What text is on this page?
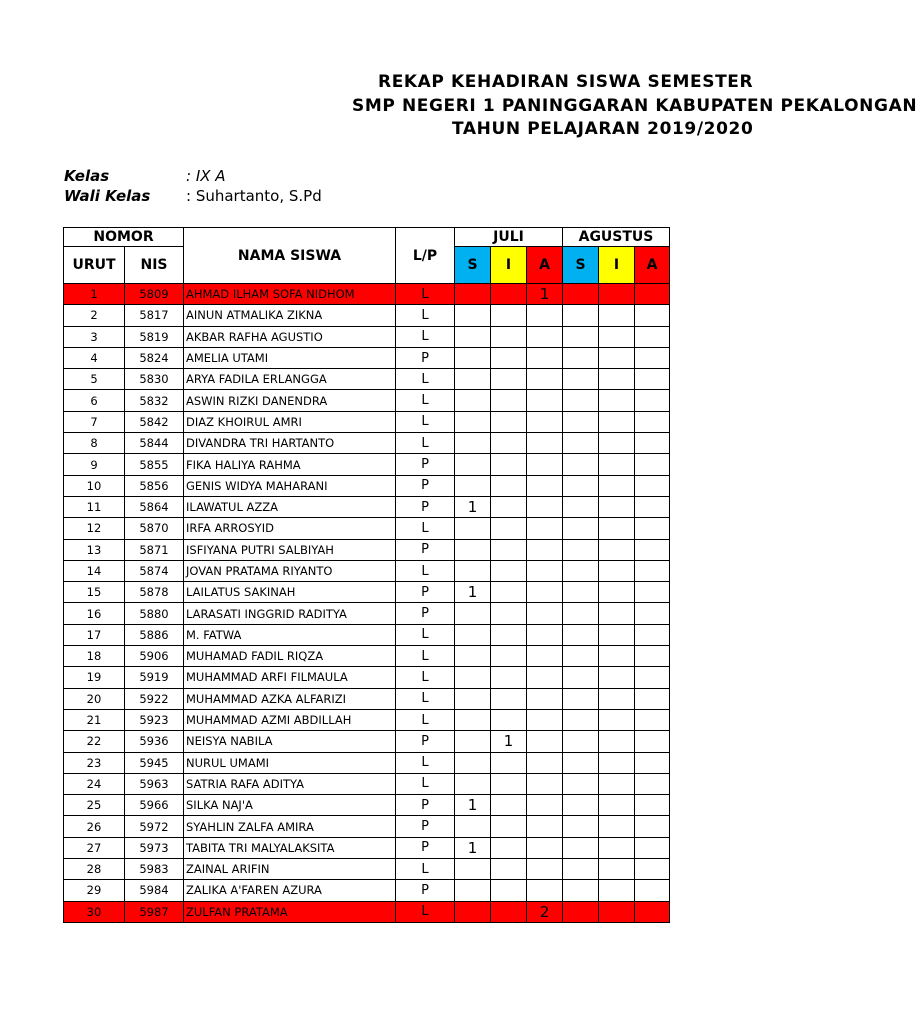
REKAP KEHADIRAN SISWA SEMESTER
SMP NEGERI 1 PANINGGARAN KABUPATEN PEKALONGAN
TAHUN PELAJARAN 2019/2020
Kelas	: IX A
Wali Kelas : Suhartanto, S.Pd
NOMOR		NAMA SISWA	L/P	JULI			AGUSTUS		
URUT	NIS			S	I	A	S	I	A
1	5809	AHMAD ILHAM SOFA NIDHOM	L			1			
2	5817	AINUN ATMALIKA ZIKNA	L						
3	5819	AKBAR RAFHA AGUSTIO	L						
4	5824	AMELIA UTAMI	P						
5	5830	ARYA FADILA ERLANGGA	L						
6	5832	ASWIN RIZKI DANENDRA	L						
7	5842	DIAZ KHOIRUL AMRI	L						
8	5844	DIVANDRA TRI HARTANTO	L						
9	5855	FIKA HALIYA RAHMA	P						
10	5856	GENIS WIDYA MAHARANI	P						
11	5864	ILAWATUL AZZA	P	1					
12	5870	IRFA ARROSYID	L						
13	5871	ISFIYANA PUTRI SALBIYAH	P						
14	5874	JOVAN PRATAMA RIYANTO	L						
15	5878	LAILATUS SAKINAH	P	1					
16	5880	LARASATI INGGRID RADITYA	P						
17	5886	M. FATWA	L						
18	5906	MUHAMAD FADIL RIQZA	L						
19	5919	MUHAMMAD ARFI FILMAULA	L						
20	5922	MUHAMMAD AZKA ALFARIZI	L						
21	5923	MUHAMMAD AZMI ABDILLAH	L						
22	5936	NEISYA NABILA	P		1				
23	5945	NURUL UMAMI	L						
24	5963	SATRIA RAFA ADITYA	L						
25	5966	SILKA NAJ'A	P	1					
26	5972	SYAHLIN ZALFA AMIRA	P						
27	5973	TABITA TRI MALYALAKSITA	P	1					
28	5983	ZAINAL ARIFIN	L						
29	5984	ZALIKA A'FAREN AZURA	P						
30	5987	ZULFAN PRATAMA	L			2			
